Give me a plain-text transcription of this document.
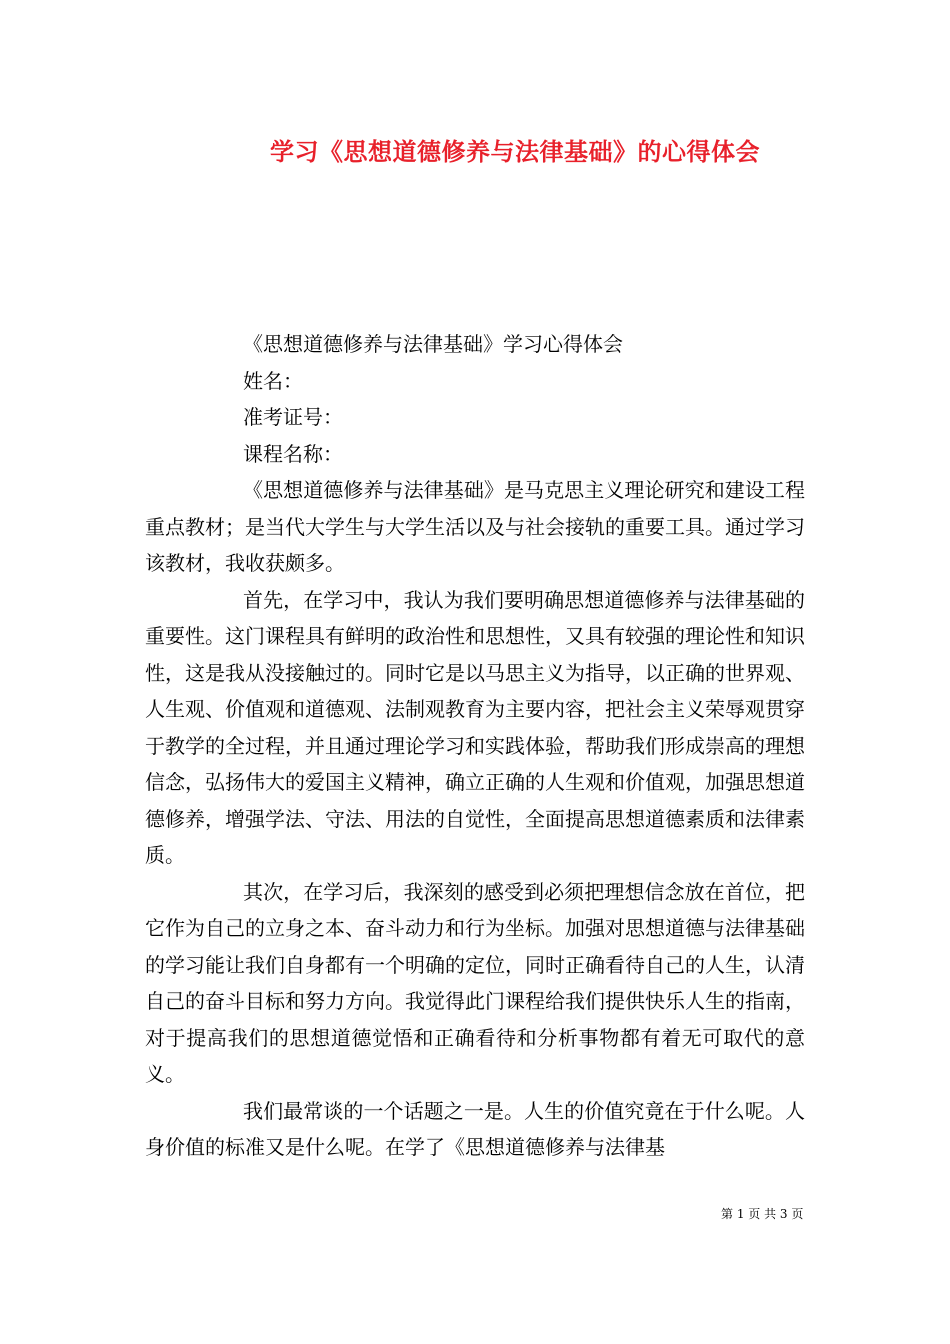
学习《思想道德修养与法律基础》的心得体会

《思想道德修养与法律基础》学习心得体会

姓名：

准考证号：

课程名称：

《思想道德修养与法律基础》是马克思主义理论研究和建设工程重点教材；是当代大学生与大学生活以及与社会接轨的重要工具。通过学习该教材，我收获颇多。

首先，在学习中，我认为我们要明确思想道德修养与法律基础的重要性。这门课程具有鲜明的政治性和思想性，又具有较强的理论性和知识性，这是我从没接触过的。同时它是以马思主义为指导，以正确的世界观、人生观、价值观和道德观、法制观教育为主要内容，把社会主义荣辱观贯穿于教学的全过程，并且通过理论学习和实践体验，帮助我们形成崇高的理想信念，弘扬伟大的爱国主义精神，确立正确的人生观和价值观，加强思想道德修养，增强学法、守法、用法的自觉性，全面提高思想道德素质和法律素质。

其次，在学习后，我深刻的感受到必须把理想信念放在首位，把它作为自己的立身之本、奋斗动力和行为坐标。加强对思想道德与法律基础的学习能让我们自身都有一个明确的定位，同时正确看待自己的人生，认清自己的奋斗目标和努力方向。我觉得此门课程给我们提供快乐人生的指南，对于提高我们的思想道德觉悟和正确看待和分析事物都有着无可取代的意义。

我们最常谈的一个话题之一是。人生的价值究竟在于什么呢。人身价值的标准又是什么呢。在学了《思想道德修养与法律基

第 1 页 共 3 页
